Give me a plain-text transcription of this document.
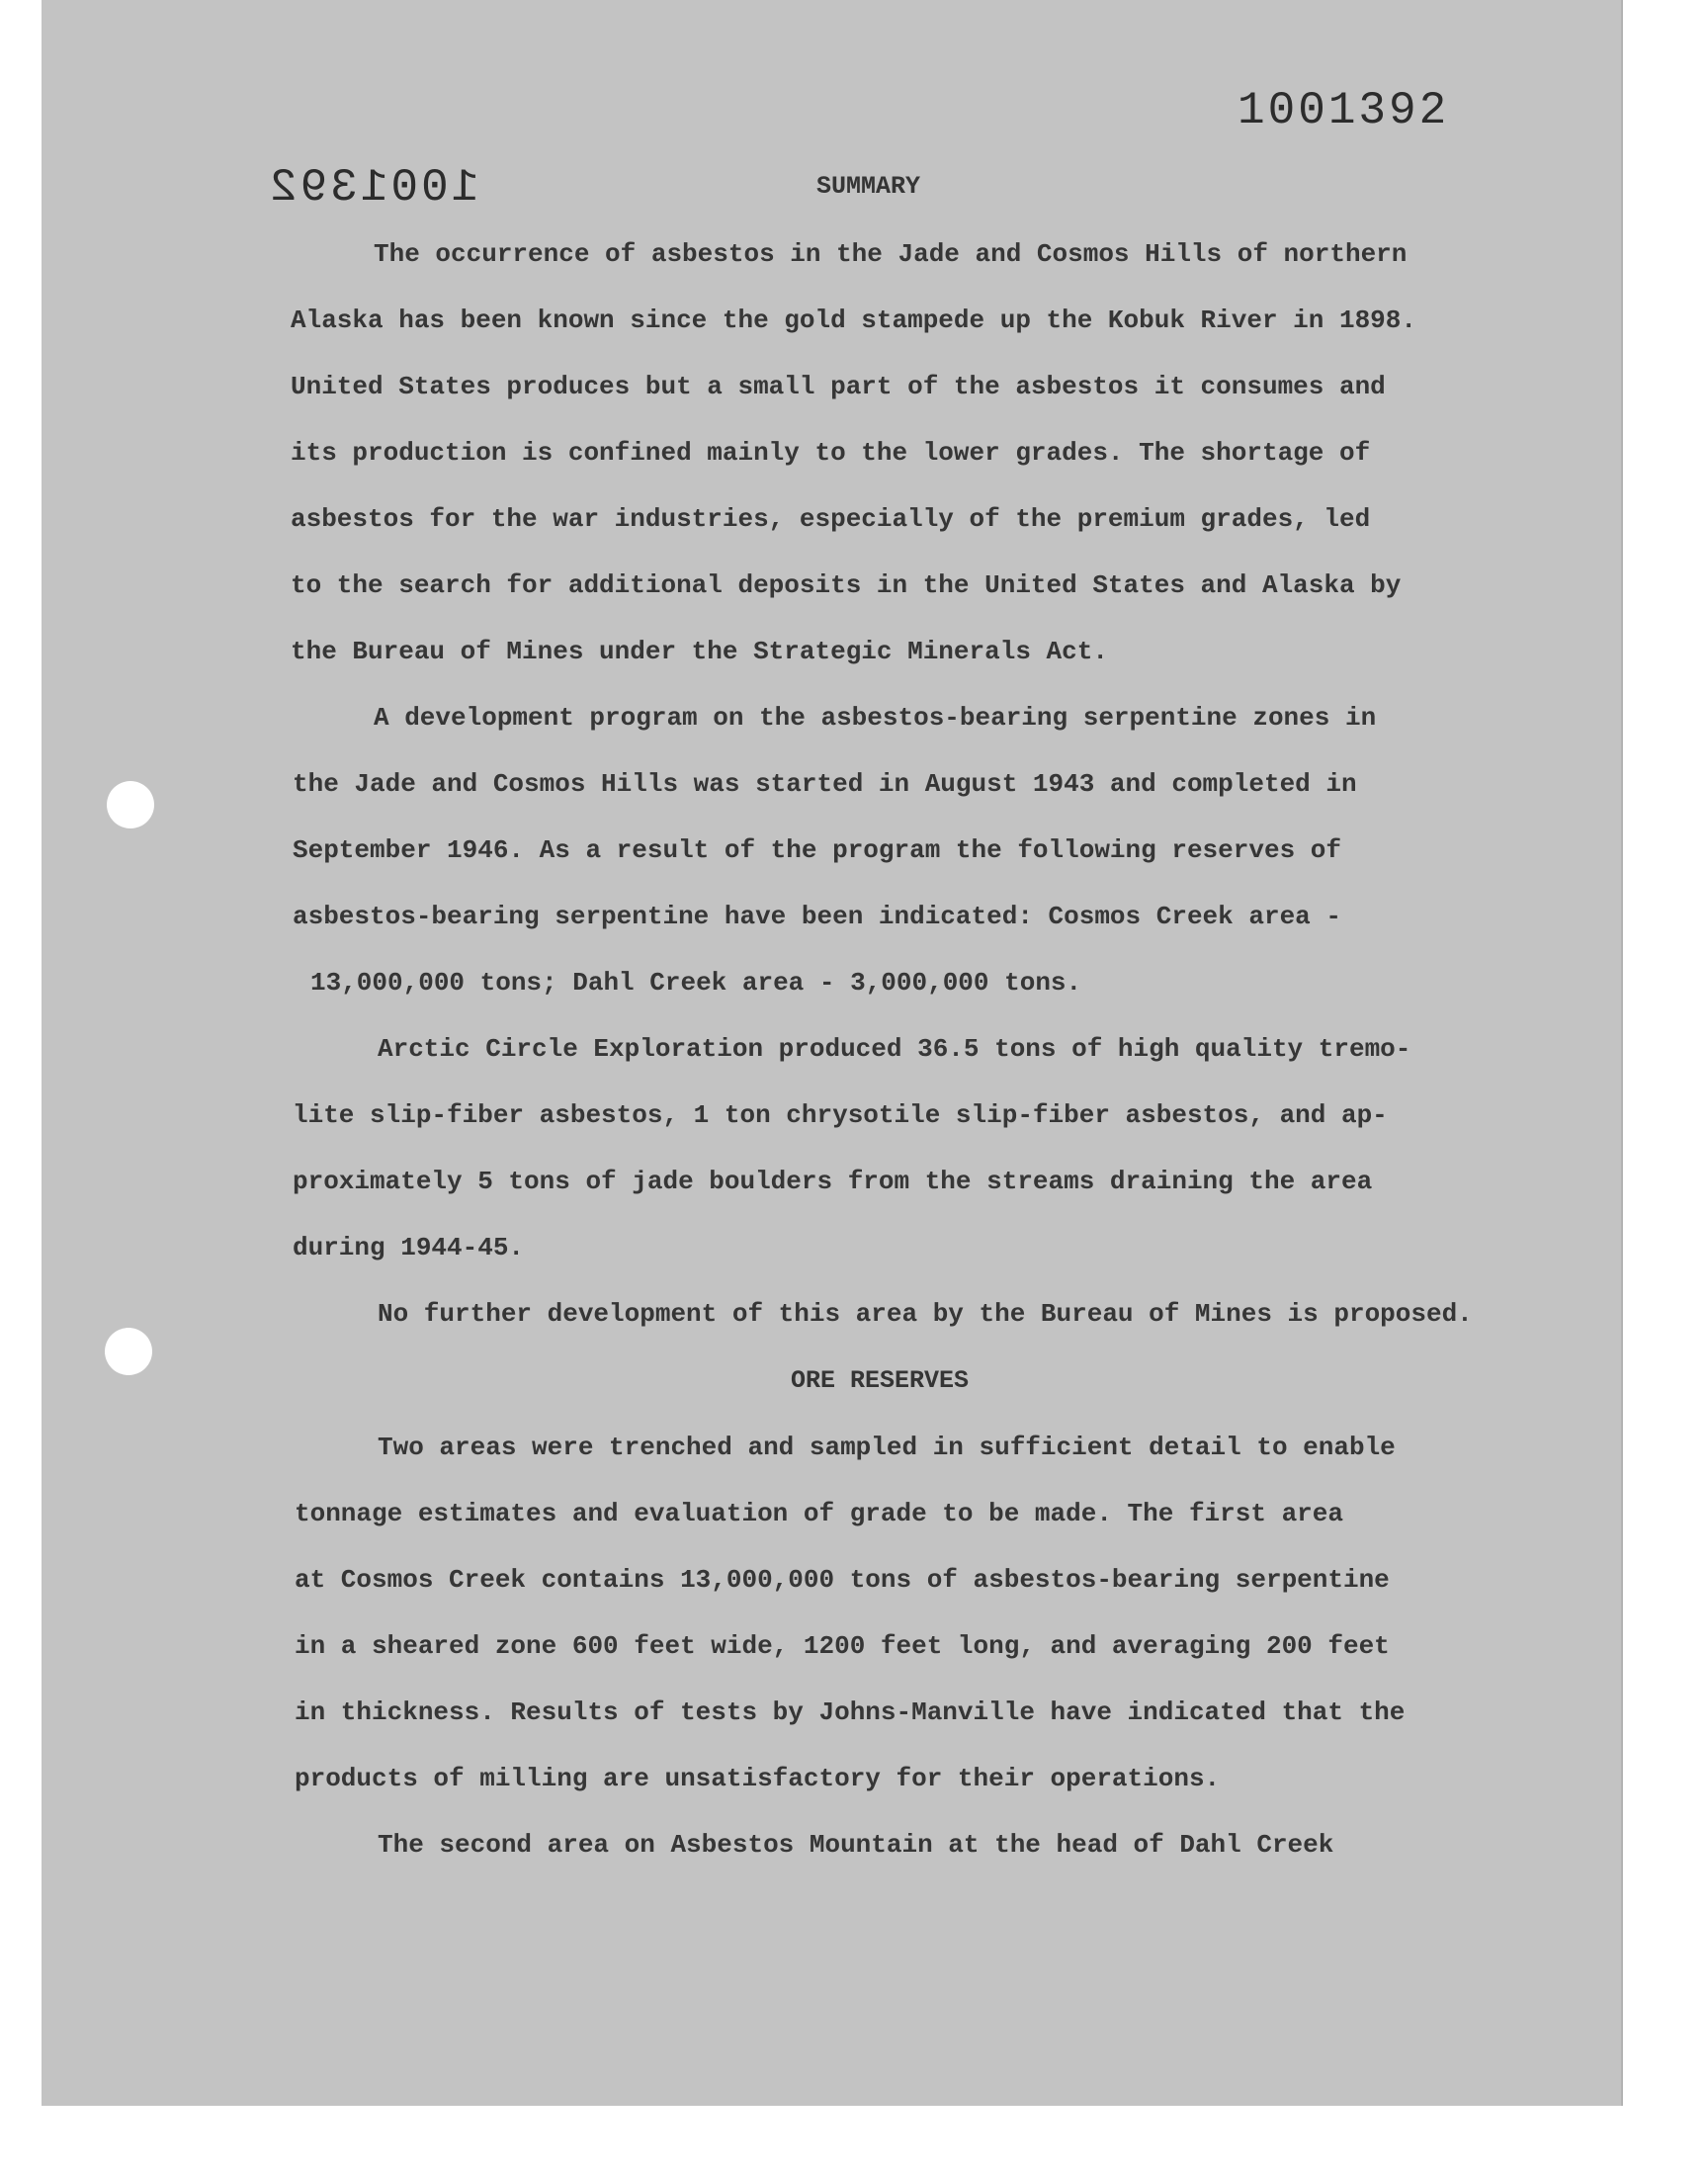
1001392
1001392	SUMMARY
The occurrence of asbestos in the Jade and Cosmos Hills of northern
Alaska has been known since the gold stampede up the Kobuk River in 1898.
United States produces but a small part of the asbestos it consumes and
its production is confined mainly to the lower grades. The shortage of
asbestos for the war industries, especially of the premium grades, led
to the search for additional deposits in the United States and Alaska by
the Bureau of Mines under the Strategic Minerals Act.
A development program on the asbestos-bearing serpentine zones in
the Jade and Cosmos Hills was started in August 1943 and completed in
September 1946. As a result of the program the following reserves of
asbestos-bearing serpentine have been indicated: Cosmos Creek area -
13,000,000 tons; Dahl Creek area - 3,000,000 tons.
Arctic Circle Exploration produced 36.5 tons of high quality tremo-
lite slip-fiber asbestos, 1 ton chrysotile slip-fiber asbestos, and ap-
proximately 5 tons of jade boulders from the streams draining the area
during 1944-45.
No further development of this area by the Bureau of Mines is proposed.
ORE RESERVES
Two areas were trenched and sampled in sufficient detail to enable
tonnage estimates and evaluation of grade to be made. The first area
at Cosmos Creek contains 13,000,000 tons of asbestos-bearing serpentine
in a sheared zone 600 feet wide, 1200 feet long, and averaging 200 feet
in thickness. Results of tests by Johns-Manville have indicated that the
products of milling are unsatisfactory for their operations.
The second area on Asbestos Mountain at the head of Dahl Creek
